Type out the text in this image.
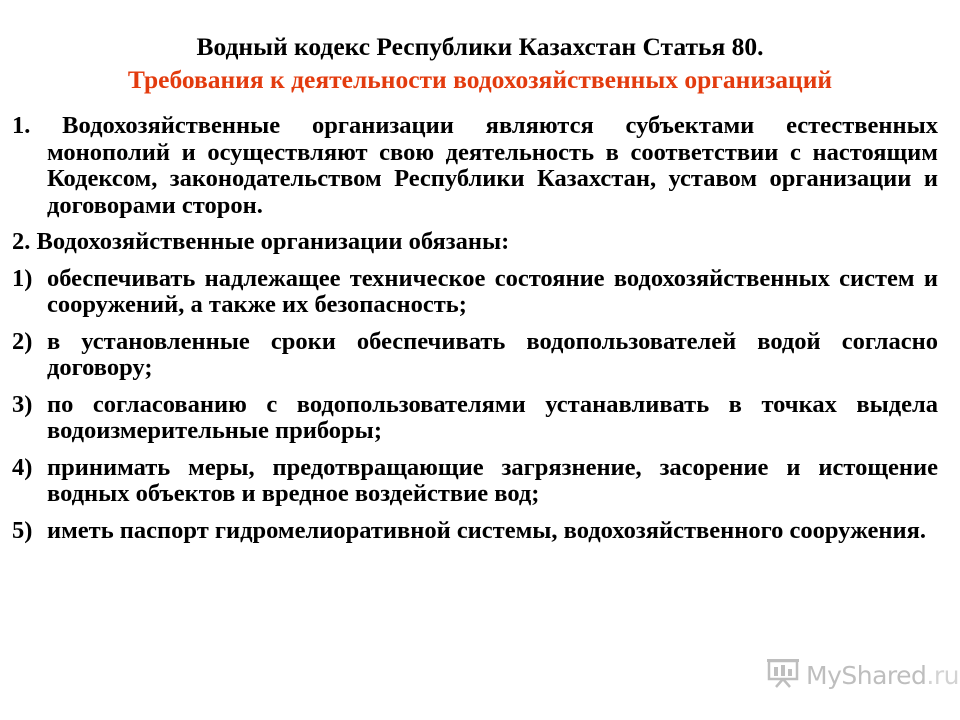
Водный кодекс Республики Казахстан Статья 80.
Требования к деятельности водохозяйственных организаций
1. Водохозяйственные организации являются субъектами естественных монополий и осуществляют свою деятельность в соответствии с настоящим Кодексом, законодательством Республики Казахстан, уставом организации и договорами сторон.
2. Водохозяйственные организации обязаны:
1) обеспечивать надлежащее техническое состояние водохозяйственных систем и сооружений, а также их безопасность;
2) в установленные сроки обеспечивать водопользователей водой согласно договору;
3) по согласованию с водопользователями устанавливать в точках выдела водоизмерительные приборы;
4) принимать меры, предотвращающие загрязнение, засорение и истощение водных объектов и вредное воздействие вод;
5) иметь паспорт гидромелиоративной системы, водохозяйственного сооружения.
MyShared.ru
